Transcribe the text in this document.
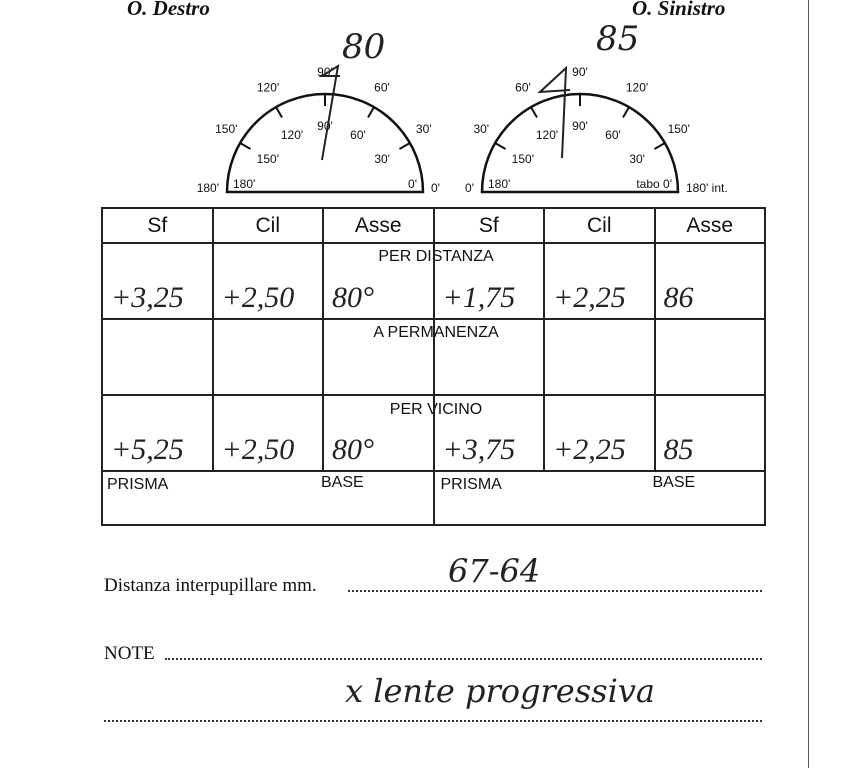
O. Destro	O. Sinistro
180' 180'
150'
150'
120'
120'
90'
90'
60'
60'	30'
30'
0'
0'	0' 180'
30'
150'
60'
120'
90'
90'
120'
60'	150'
30'
180' int.
tabo 0'
80	85
PER DISTANZA
A PERMANENZA
PER VICINO
Sf	Cil	Asse	Sf	Cil	Asse

+3,25	+2,50	80°	+1,75	+2,25	86

+5,25	+2,50	80°	+3,75	+2,25	85

PRISMA BASE			PRISMA BASE		
Distanza interpupillare mm.	67-64
NOTE
x lente progressiva
